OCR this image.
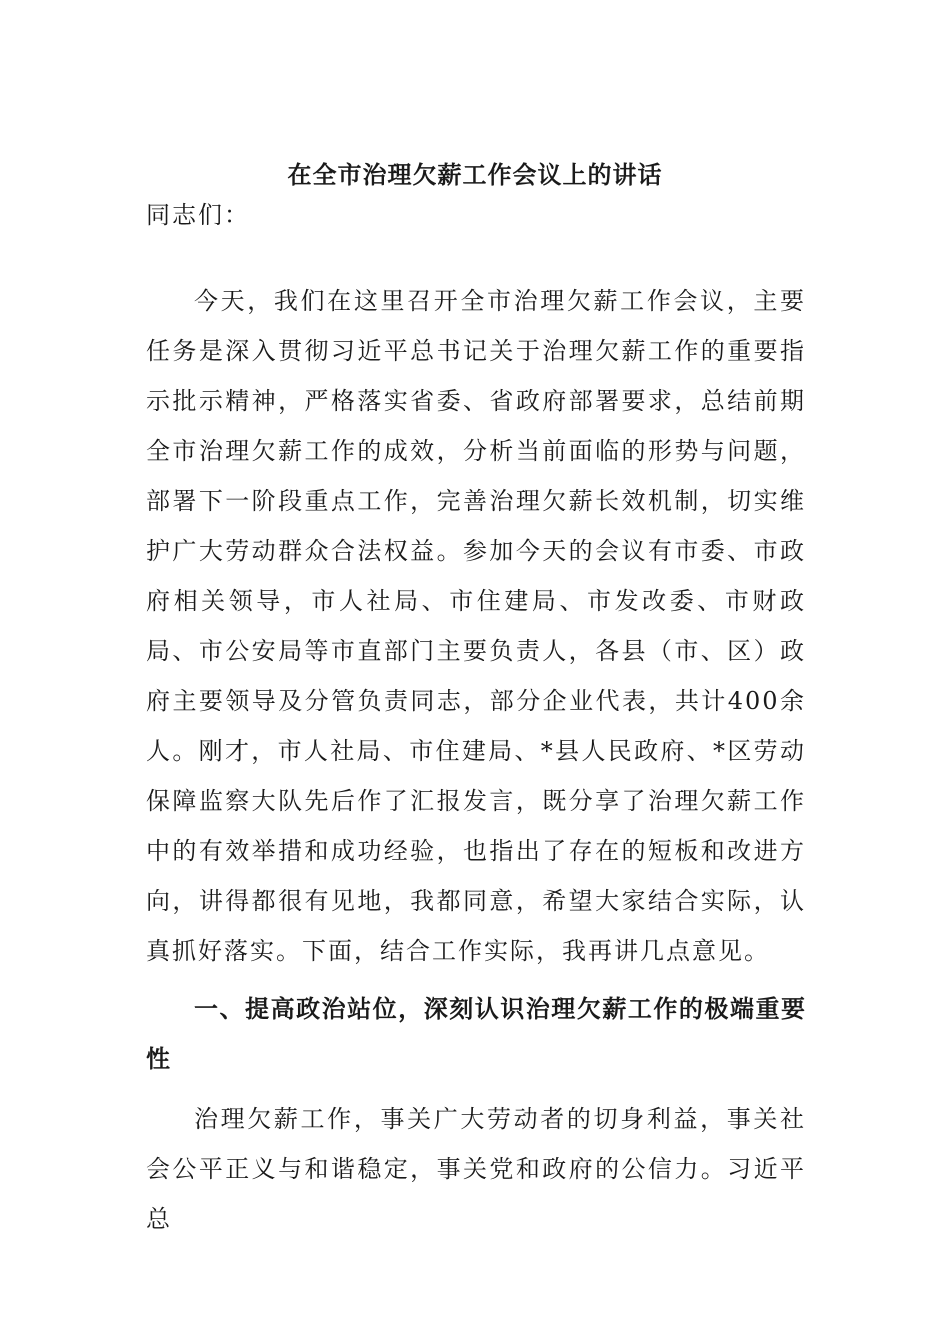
在全市治理欠薪工作会议上的讲话

同志们：

今天，我们在这里召开全市治理欠薪工作会议，主要任务是深入贯彻习近平总书记关于治理欠薪工作的重要指示批示精神，严格落实省委、省政府部署要求，总结前期全市治理欠薪工作的成效，分析当前面临的形势与问题，部署下一阶段重点工作，完善治理欠薪长效机制，切实维护广大劳动群众合法权益。参加今天的会议有市委、市政府相关领导，市人社局、市住建局、市发改委、市财政局、市公安局等市直部门主要负责人，各县（市、区）政府主要领导及分管负责同志，部分企业代表，共计400余人。刚才，市人社局、市住建局、*县人民政府、*区劳动保障监察大队先后作了汇报发言，既分享了治理欠薪工作中的有效举措和成功经验，也指出了存在的短板和改进方向，讲得都很有见地，我都同意，希望大家结合实际，认真抓好落实。下面，结合工作实际，我再讲几点意见。

一、提高政治站位，深刻认识治理欠薪工作的极端重要性

治理欠薪工作，事关广大劳动者的切身利益，事关社会公平正义与和谐稳定，事关党和政府的公信力。习近平总
